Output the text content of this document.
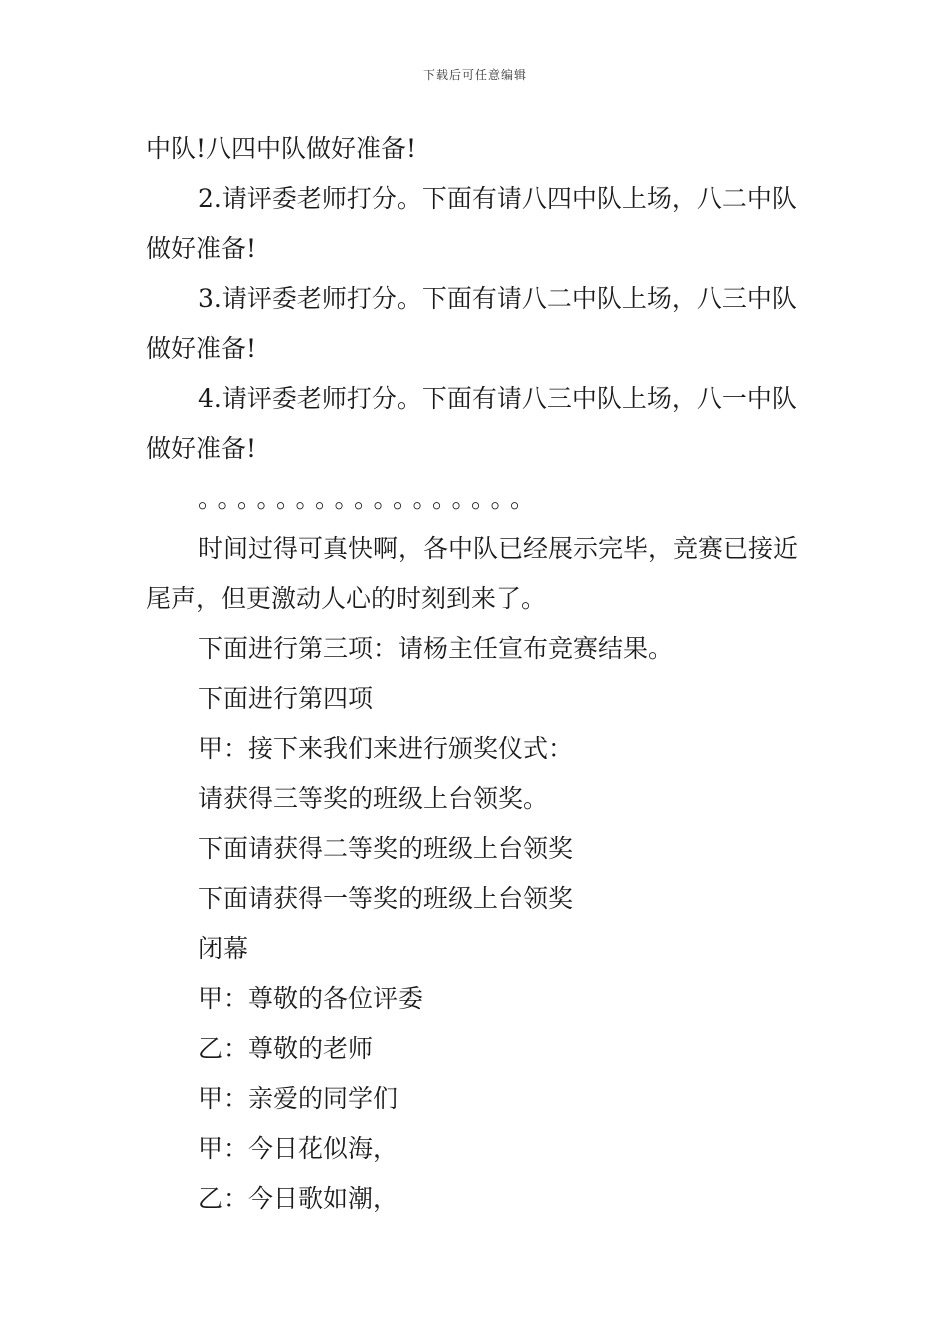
下载后可任意编辑

中队!八四中队做好准备!

2.请评委老师打分。下面有请八四中队上场，八二中队做好准备!

3.请评委老师打分。下面有请八二中队上场，八三中队做好准备!

4.请评委老师打分。下面有请八三中队上场，八一中队做好准备!

。。。。。。。。。。。。。。。。。

时间过得可真快啊，各中队已经展示完毕，竞赛已接近尾声，但更激动人心的时刻到来了。

下面进行第三项：请杨主任宣布竞赛结果。

下面进行第四项

甲：接下来我们来进行颁奖仪式：

请获得三等奖的班级上台领奖。

下面请获得二等奖的班级上台领奖

下面请获得一等奖的班级上台领奖

闭幕

甲：尊敬的各位评委

乙：尊敬的老师

甲：亲爱的同学们

甲：今日花似海，

乙：今日歌如潮，
